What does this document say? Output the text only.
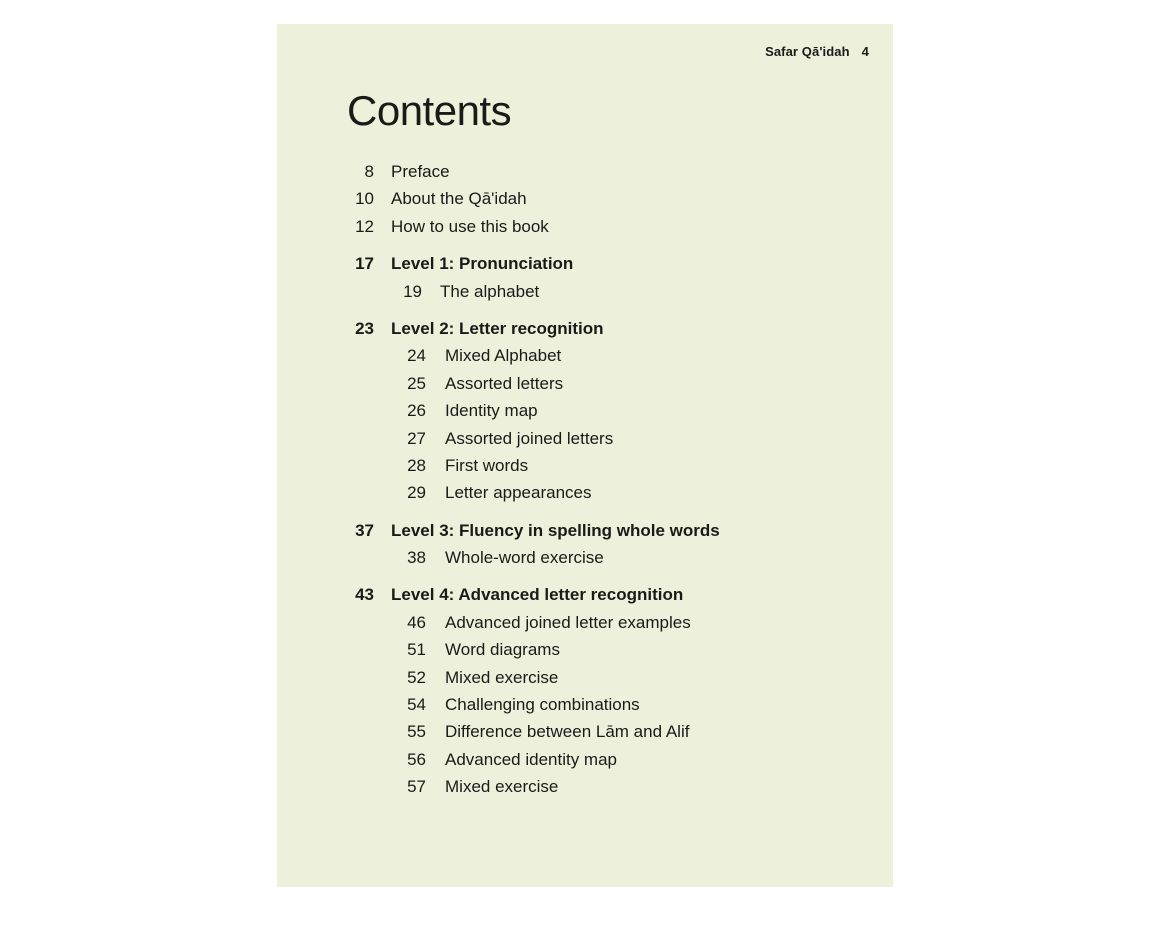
Safar Qā'idah 4
Contents
8 Preface
10 About the Qā'idah
12 How to use this book
17 Level 1: Pronunciation
19 The alphabet
23 Level 2: Letter recognition
24 Mixed Alphabet
25 Assorted letters
26 Identity map
27 Assorted joined letters
28 First words
29 Letter appearances
37 Level 3: Fluency in spelling whole words
38 Whole-word exercise
43 Level 4: Advanced letter recognition
46 Advanced joined letter examples
51 Word diagrams
52 Mixed exercise
54 Challenging combinations
55 Difference between Lām and Alif
56 Advanced identity map
57 Mixed exercise
